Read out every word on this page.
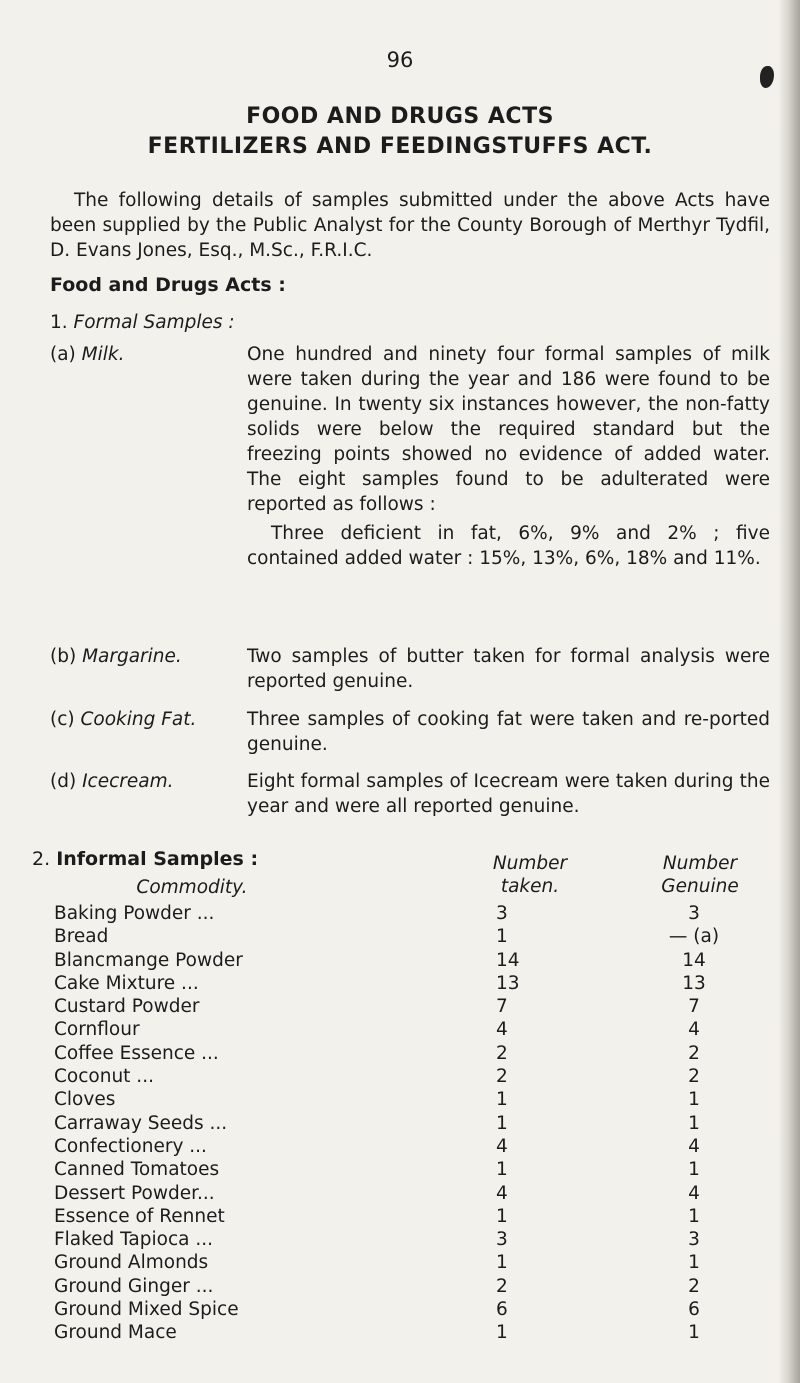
96
FOOD AND DRUGS ACTS
FERTILIZERS AND FEEDINGSTUFFS ACT.
The following details of samples submitted under the above Acts have been supplied by the Public Analyst for the County Borough of Merthyr Tydfil, D. Evans Jones, Esq., M.Sc., F.R.I.C.
Food and Drugs Acts :
1. Formal Samples :
(a) Milk.	One hundred and ninety four formal samples of milk were taken during the year and 186 were found to be genuine. In twenty six instances however, the non-fatty solids were below the required standard but the freezing points showed no evidence of added water. The eight samples found to be adulterated were reported as follows :

Three deficient in fat, 6%, 9% and 2% ; five contained added water : 15%, 13%, 6%, 18% and 11%.

(b) Margarine.	Two samples of butter taken for formal analysis were reported genuine.

(c) Cooking Fat.	Three samples of cooking fat were taken and re-ported genuine.

(d) Icecream.	Eight formal samples of Icecream were taken during the year and were all reported genuine.

2. Informal Samples :
Commodity.
Number taken.
Number Genuine
Baking Powder ...	3	3
Bread	1	— (a)
Blancmange Powder	14	14
Cake Mixture ...	13	13
Custard Powder	7	7
Cornflour	4	4
Coffee Essence ...	2	2
Coconut ...	2	2
Cloves	1	1
Carraway Seeds ...	1	1
Confectionery ...	4	4
Canned Tomatoes	1	1
Dessert Powder...	4	4
Essence of Rennet	1	1
Flaked Tapioca ...	3	3
Ground Almonds	1	1
Ground Ginger ...	2	2
Ground Mixed Spice	6	6
Ground Mace	1	1
